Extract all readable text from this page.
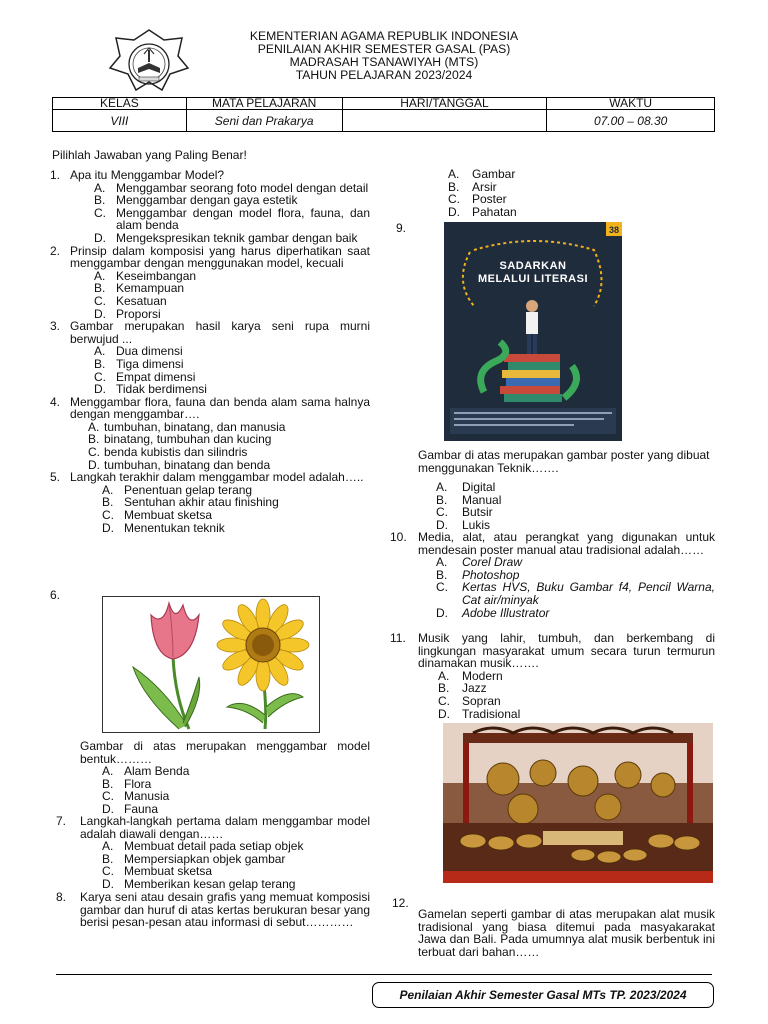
KEMENTERIAN AGAMA REPUBLIK INDONESIA
PENILAIAN AKHIR SEMESTER GASAL (PAS)
MADRASAH TSANAWIYAH (MTS)
TAHUN PELAJARAN 2023/2024
KELAS	MATA PELAJARAN	HARI/TANGGAL	WAKTU
VIII	Seni dan Prakarya		07.00 – 08.30
Pilihlah Jawaban yang Paling Benar!
1. Apa itu Menggambar Model?
A. Menggambar seorang foto model dengan detail
B. Menggambar dengan gaya estetik
C. Menggambar dengan model flora, fauna, dan alam benda
D. Mengekspresikan teknik gambar dengan baik
2. Prinsip dalam komposisi yang harus diperhatikan saat menggambar dengan menggunakan model, kecuali
A. Keseimbangan
B. Kemampuan
C. Kesatuan
D. Proporsi
3. Gambar merupakan hasil karya seni rupa murni berwujud ...
A. Dua dimensi
B. Tiga dimensi
C. Empat dimensi
D. Tidak berdimensi
4. Menggambar flora, fauna dan benda alam sama halnya dengan menggambar….
A. tumbuhan, binatang, dan manusia
B. binatang, tumbuhan dan kucing
C. benda kubistis dan silindris
D. tumbuhan, binatang dan benda
5. Langkah terakhir dalam menggambar model adalah…..
A. Penentuan gelap terang
B. Sentuhan akhir atau finishing
C. Membuat sketsa
D. Menentukan teknik
6.
Gambar di atas merupakan menggambar model bentuk………
A. Alam Benda
B. Flora
C. Manusia
D. Fauna
7. Langkah-langkah pertama dalam menggambar model adalah diawali dengan……
A. Membuat detail pada setiap objek
B. Mempersiapkan objek gambar
C. Membuat sketsa
D. Memberikan kesan gelap terang
8. Karya seni atau desain grafis yang memuat komposisi gambar dan huruf di atas kertas berukuran besar yang berisi pesan-pesan atau informasi di sebut…………
A. Gambar
B. Arsir
C. Poster
D. Pahatan
9.	38
SADARKAN MELALUI LITERASI
Gambar di atas merupakan gambar poster yang dibuat menggunakan Teknik…….
A. Digital
B. Manual
C. Butsir
D. Lukis
10. Media, alat, atau perangkat yang digunakan untuk mendesain poster manual atau tradisional adalah……
A. Corel Draw
B. Photoshop
C. Kertas HVS, Buku Gambar f4, Pencil Warna, Cat air/minyak
D. Adobe Illustrator
11. Musik yang lahir, tumbuh, dan berkembang di lingkungan masyarakat umum secara turun termurun dinamakan musik…….
A. Modern
B. Jazz
C. Sopran
D. Tradisional
12.
Gamelan seperti gambar di atas merupakan alat musik tradisional yang biasa ditemui pada masyakarakat Jawa dan Bali. Pada umumnya alat musik berbentuk ini terbuat dari bahan……
Penilaian Akhir Semester Gasal MTs TP. 2023/2024
